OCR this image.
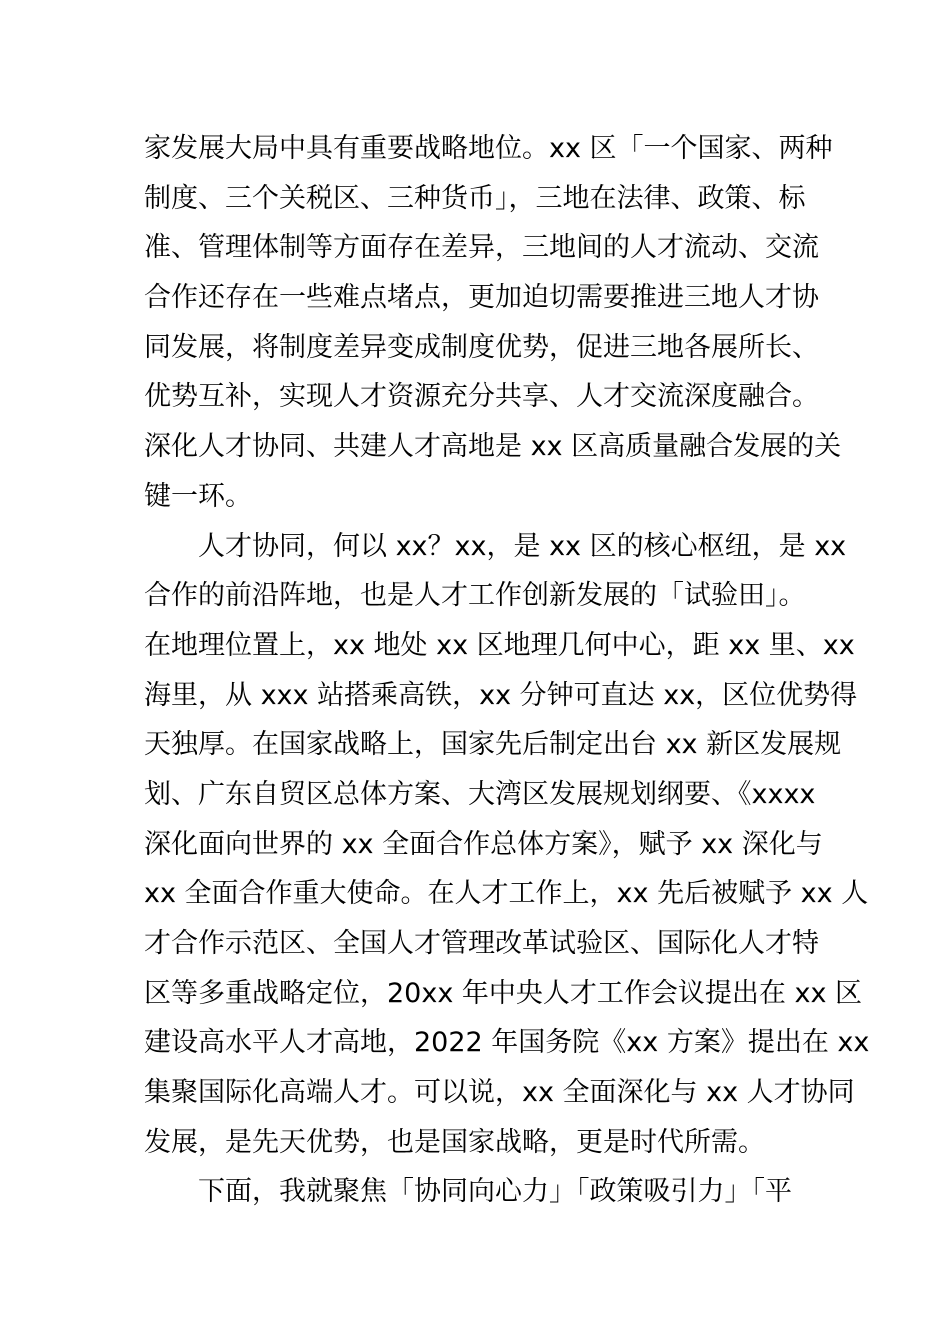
家发展大局中具有重要战略地位。xx 区「一个国家、两种
制度、三个关税区、三种货币」，三地在法律、政策、标
准、管理体制等方面存在差异，三地间的人才流动、交流
合作还存在一些难点堵点，更加迫切需要推进三地人才协
同发展，将制度差异变成制度优势，促进三地各展所长、
优势互补，实现人才资源充分共享、人才交流深度融合。
深化人才协同、共建人才高地是 xx 区高质量融合发展的关
键一环。
　　人才协同，何以 xx？xx，是 xx 区的核心枢纽，是 xx
合作的前沿阵地，也是人才工作创新发展的「试验田」。
在地理位置上，xx 地处 xx 区地理几何中心，距 xx 里、xx
海里，从 xxx 站搭乘高铁，xx 分钟可直达 xx，区位优势得
天独厚。在国家战略上，国家先后制定出台 xx 新区发展规
划、广东自贸区总体方案、大湾区发展规划纲要、《xxxx
深化面向世界的 xx 全面合作总体方案》，赋予 xx 深化与
xx 全面合作重大使命。在人才工作上，xx 先后被赋予 xx 人
才合作示范区、全国人才管理改革试验区、国际化人才特
区等多重战略定位，20xx 年中央人才工作会议提出在 xx 区
建设高水平人才高地，2022 年国务院《xx 方案》提出在 xx
集聚国际化高端人才。可以说，xx 全面深化与 xx 人才协同
发展，是先天优势，也是国家战略，更是时代所需。
　　下面，我就聚焦「协同向心力」「政策吸引力」「平
